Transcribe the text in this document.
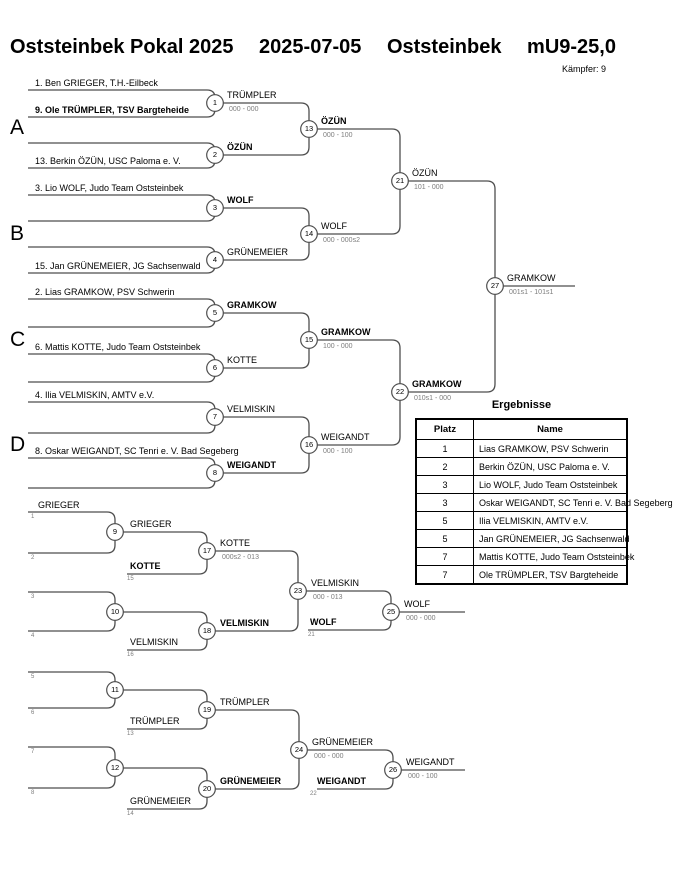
Oststeinbek Pokal 2025 2025-07-05 Oststeinbek mU9-25,0
Kämpfer: 9
A
B
C
D
1. Ben GRIEGER, T.H.-Eilbeck
9. Ole TRÜMPLER, TSV Bargteheide
13. Berkin ÖZÜN, USC Paloma e. V.
3. Lio WOLF, Judo Team Oststeinbek
15. Jan GRÜNEMEIER, JG Sachsenwald
2. Lias GRAMKOW, PSV Schwerin
6. Mattis KOTTE, Judo Team Oststeinbek
4. Ilia VELMISKIN, AMTV e.V.
8. Oskar WEIGANDT, SC Tenri e. V. Bad Segeberg
1
2
3
4
5
6
7
8
13
14
15
16
21
22
27
9
17
10
18
23
25
11
19
12
20
24
26
TRÜMPLER
000 - 000
ÖZÜN
WOLF
GRÜNEMEIER
GRAMKOW
KOTTE
VELMISKIN
WEIGANDT
ÖZÜN
000 - 100
WOLF
000 - 000s2
GRAMKOW
100 - 000
WEIGANDT
000 - 100
ÖZÜN
101 - 000
GRAMKOW
010s1 - 000
GRAMKOW
001s1 - 101s1
GRIEGER
1
2
GRIEGER
KOTTE
15
KOTTE
000s2 - 013
3
4
VELMISKIN
16
VELMISKIN
VELMISKIN
000 - 013
WOLF
21
WOLF
000 - 000
5
6
TRÜMPLER
13
TRÜMPLER
7
8
GRÜNEMEIER
14
GRÜNEMEIER
GRÜNEMEIER
000 - 000
WEIGANDT
22
WEIGANDT
000 - 100
Ergebnisse
Platz	Name
1	Lias GRAMKOW, PSV Schwerin
2	Berkin ÖZÜN, USC Paloma e. V.
3	Lio WOLF, Judo Team Oststeinbek
3	Oskar WEIGANDT, SC Tenri e. V. Bad Segeberg
5	Ilia VELMISKIN, AMTV e.V.
5	Jan GRÜNEMEIER, JG Sachsenwald
7	Mattis KOTTE, Judo Team Oststeinbek
7	Ole TRÜMPLER, TSV Bargteheide
